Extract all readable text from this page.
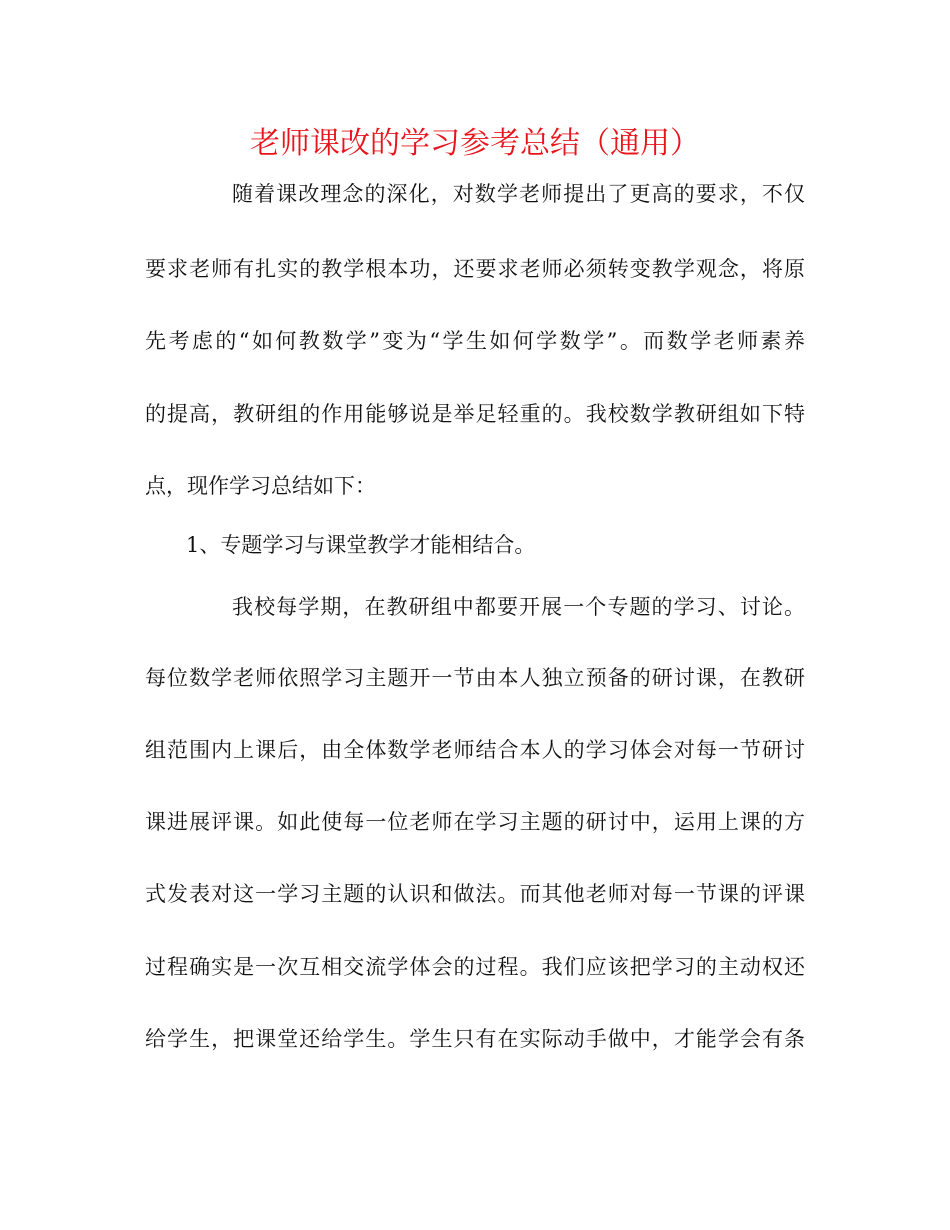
老师课改的学习参考总结（通用）
随着课改理念的深化，对数学老师提出了更高的要求，不仅
要求老师有扎实的教学根本功，还要求老师必须转变教学观念，将原
先考虑的“如何教数学”变为“学生如何学数学”。而数学老师素养
的提高，教研组的作用能够说是举足轻重的。我校数学教研组如下特
点，现作学习总结如下：
1、专题学习与课堂教学才能相结合。
我校每学期，在教研组中都要开展一个专题的学习、讨论。
每位数学老师依照学习主题开一节由本人独立预备的研讨课，在教研
组范围内上课后，由全体数学老师结合本人的学习体会对每一节研讨
课进展评课。如此使每一位老师在学习主题的研讨中，运用上课的方
式发表对这一学习主题的认识和做法。而其他老师对每一节课的评课
过程确实是一次互相交流学体会的过程。我们应该把学习的主动权还
给学生，把课堂还给学生。学生只有在实际动手做中，才能学会有条
